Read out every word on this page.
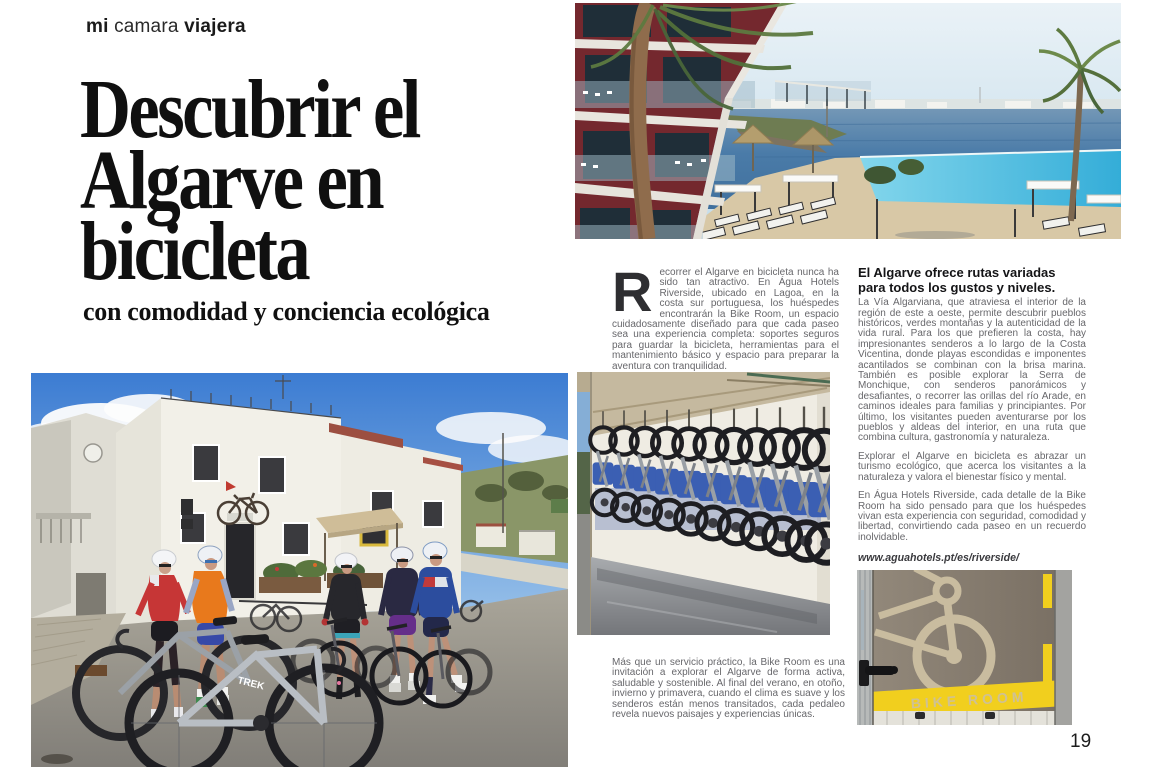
mi camara viajera
Descubrir el
Algarve en
bicicleta
con comodidad y conciencia ecológica Recorrer el Algarve en bicicleta nunca ha sido tan atractivo. En Água Hotels Riverside, ubicado en Lagoa, en la costa sur portuguesa, los huéspedes encontrarán la Bike Room, un espacio cuidadosamente diseñado para que cada paseo sea una experiencia completa: soportes seguros para guardar la bicicleta, herramientas para el mantenimiento básico y espacio para preparar la aventura con tranquilidad.
El Algarve ofrece rutas variadas para todos los gustos y niveles.

La Vía Algarviana, que atraviesa el interior de la región de este a oeste, permite descubrir pueblos históricos, verdes montañas y la autenticidad de la vida rural. Para los que prefieren la costa, hay impresionantes senderos a lo largo de la Costa Vicentina, donde playas escondidas e imponentes acantilados se combinan con la brisa marina. También es posible explorar la Serra de Monchique, con senderos panorámicos y desafiantes, o recorrer las orillas del río Arade, en caminos ideales para familias y principiantes. Por último, los visitantes pueden aventurarse por los pueblos y aldeas del interior, en una ruta que combina cultura, gastronomía y naturaleza.

Explorar el Algarve en bicicleta es abrazar un turismo ecológico, que acerca los visitantes a la naturaleza y valora el bienestar físico y mental.

En Água Hotels Riverside, cada detalle de la Bike Room ha sido pensado para que los huéspedes vivan esta experiencia con seguridad, comodidad y libertad, convirtiendo cada paseo en un recuerdo inolvidable.

www.aguahotels.pt/es/riverside/
TREK

Más que un servicio práctico, la Bike Room es una invitación a explorar el Algarve de forma activa, saludable y sostenible. Al final del verano, en otoño, invierno y primavera, cuando el clima es suave y los senderos están menos transitados, cada pedaleo revela nuevos paisajes y experiencias únicas.

BIKE ROOM
19
